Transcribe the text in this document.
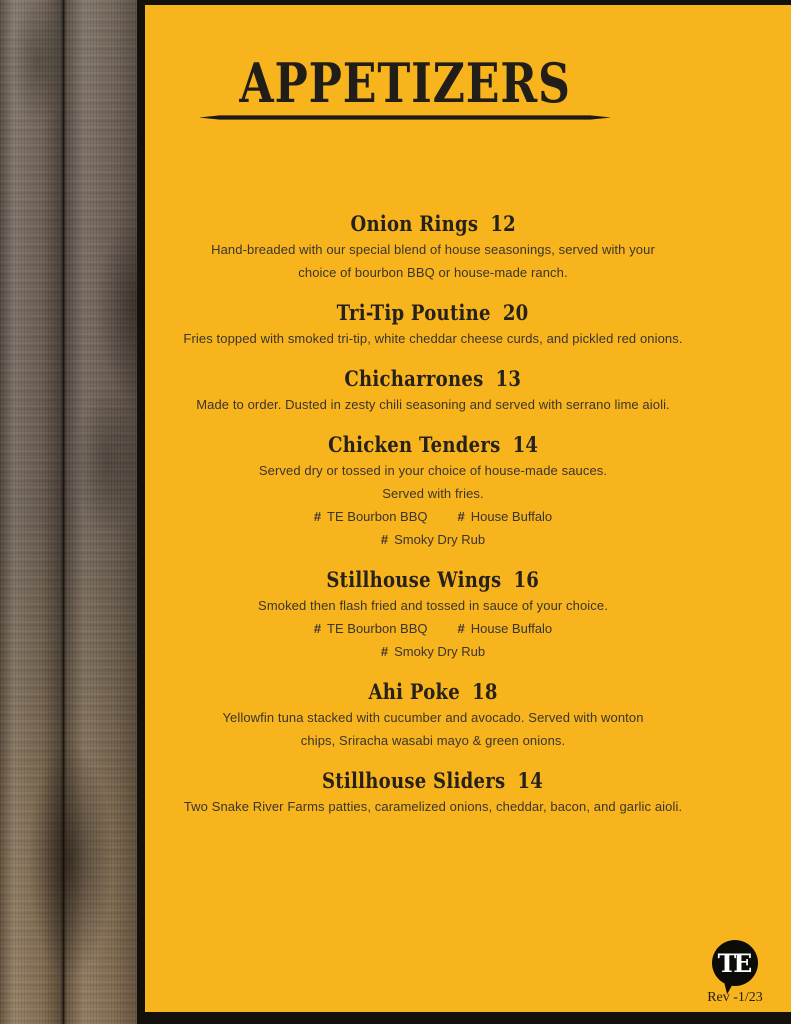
APPETIZERS
Onion Rings 12
Hand-breaded with our special blend of house seasonings, served with your
choice of bourbon BBQ or house-made ranch.
Tri-Tip Poutine 20
Fries topped with smoked tri-tip, white cheddar cheese curds, and pickled red onions.
Chicharrones 13
Made to order. Dusted in zesty chili seasoning and served with serrano lime aioli.
Chicken Tenders 14
Served dry or tossed in your choice of house-made sauces.
Served with fries.
# TE Bourbon BBQ # House Buffalo
# Smoky Dry Rub
Stillhouse Wings 16
Smoked then flash fried and tossed in sauce of your choice.
# TE Bourbon BBQ # House Buffalo
# Smoky Dry Rub
Ahi Poke 18
Yellowfin tuna stacked with cucumber and avocado. Served with wonton
chips, Sriracha wasabi mayo & green onions.
Stillhouse Sliders 14
Two Snake River Farms patties, caramelized onions, cheddar, bacon, and garlic aioli.
TE
Rev -1/23
